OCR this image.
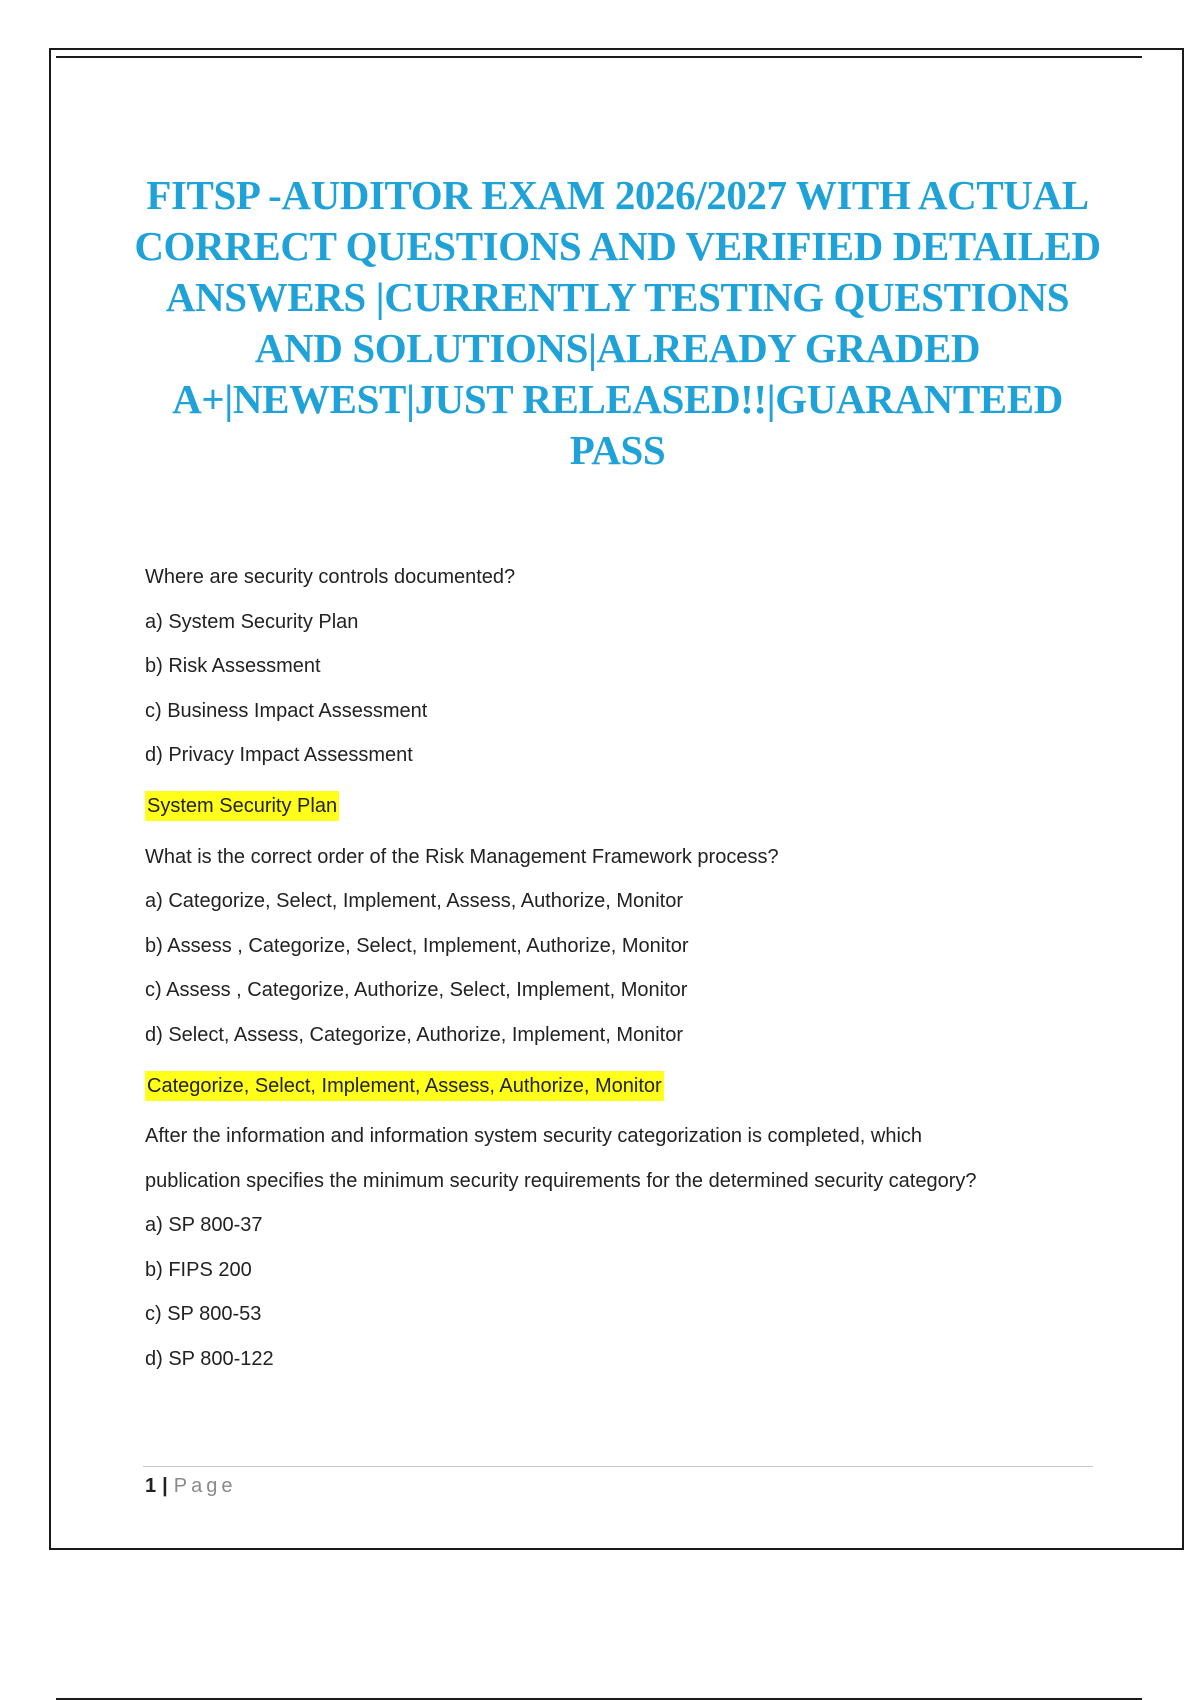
FITSP -AUDITOR EXAM 2026/2027 WITH ACTUAL CORRECT QUESTIONS AND VERIFIED DETAILED ANSWERS |CURRENTLY TESTING QUESTIONS AND SOLUTIONS|ALREADY GRADED A+|NEWEST|JUST RELEASED!!|GUARANTEED PASS

Where are security controls documented?

a) System Security Plan

b) Risk Assessment

c) Business Impact Assessment

d) Privacy Impact Assessment

System Security Plan

What is the correct order of the Risk Management Framework process?

a) Categorize, Select, Implement, Assess, Authorize, Monitor

b) Assess , Categorize, Select, Implement, Authorize, Monitor

c) Assess , Categorize, Authorize, Select, Implement, Monitor

d) Select, Assess, Categorize, Authorize, Implement, Monitor

Categorize, Select, Implement, Assess, Authorize, Monitor

After the information and information system security categorization is completed, which

publication specifies the minimum security requirements for the determined security category?

a) SP 800-37

b) FIPS 200

c) SP 800-53

d) SP 800-122

1 | Page
